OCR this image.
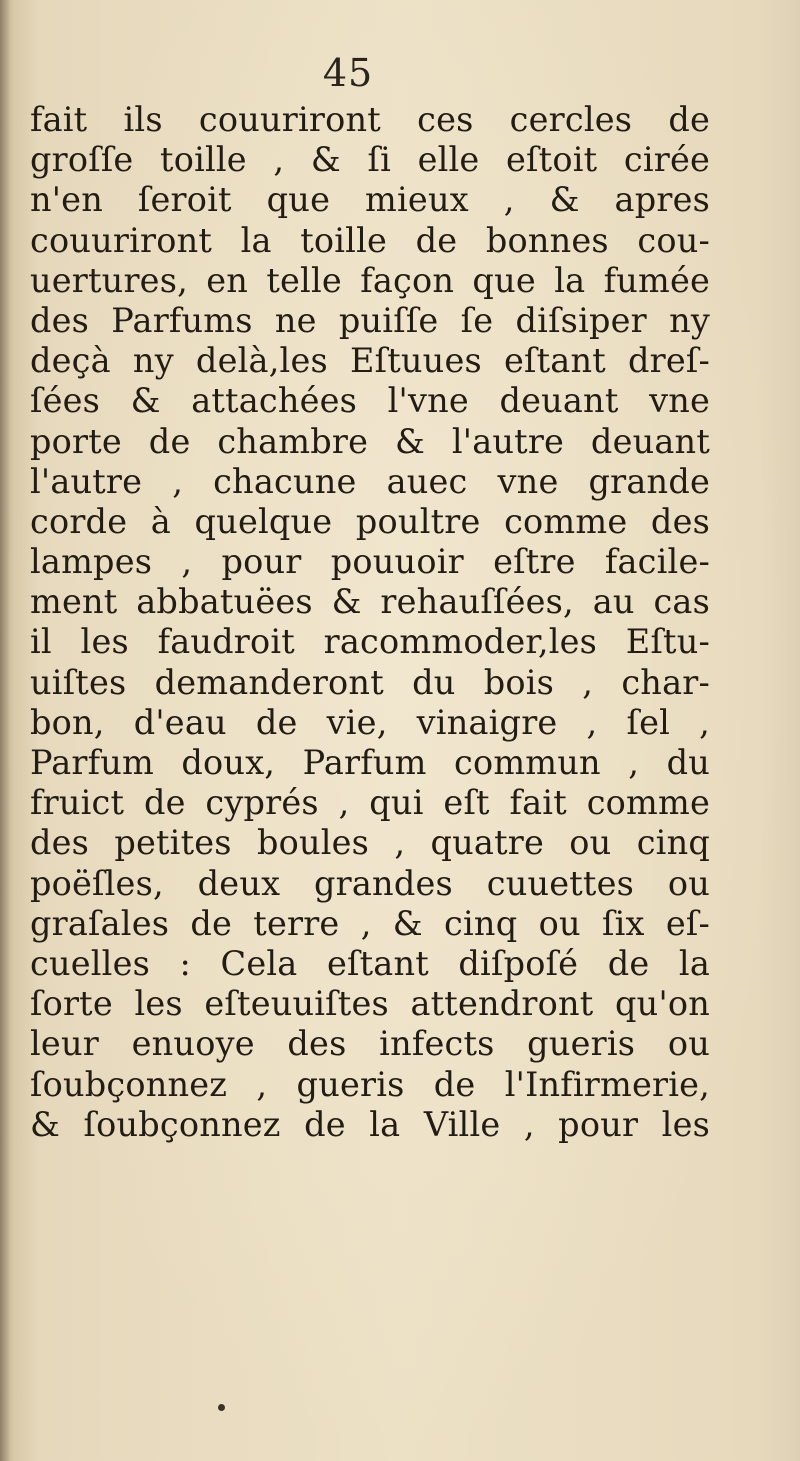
45
fait ils couuriront ces cercles de
groſſe toille , & ſi elle eſtoit cirée
n'en ſeroit que mieux , & apres
couuriront la toille de bonnes cou-
uertures, en telle façon que la fumée
des Parfums ne puiſſe ſe diſsiper ny
deçà ny delà,les Eſtuues eſtant dreſ-
ſées & attachées l'vne deuant vne
porte de chambre & l'autre deuant
l'autre , chacune auec vne grande
corde à quelque poultre comme des
lampes , pour pouuoir eſtre facile-
ment abbatuëes & rehauſſées, au cas
il les faudroit racommoder,les Eſtu-
uiſtes demanderont du bois , char-
bon, d'eau de vie, vinaigre , ſel ,
Parfum doux, Parfum commun , du
fruict de cyprés , qui eſt fait comme
des petites boules , quatre ou cinq
poëſles, deux grandes cuuettes ou
graſales de terre , & cinq ou ſix eſ-
cuelles : Cela eſtant diſpoſé de la
ſorte les eſteuuiſtes attendront qu'on
leur enuoye des infects gueris ou
ſoubçonnez , gueris de l'Infirmerie,
& ſoubçonnez de la Ville , pour les
